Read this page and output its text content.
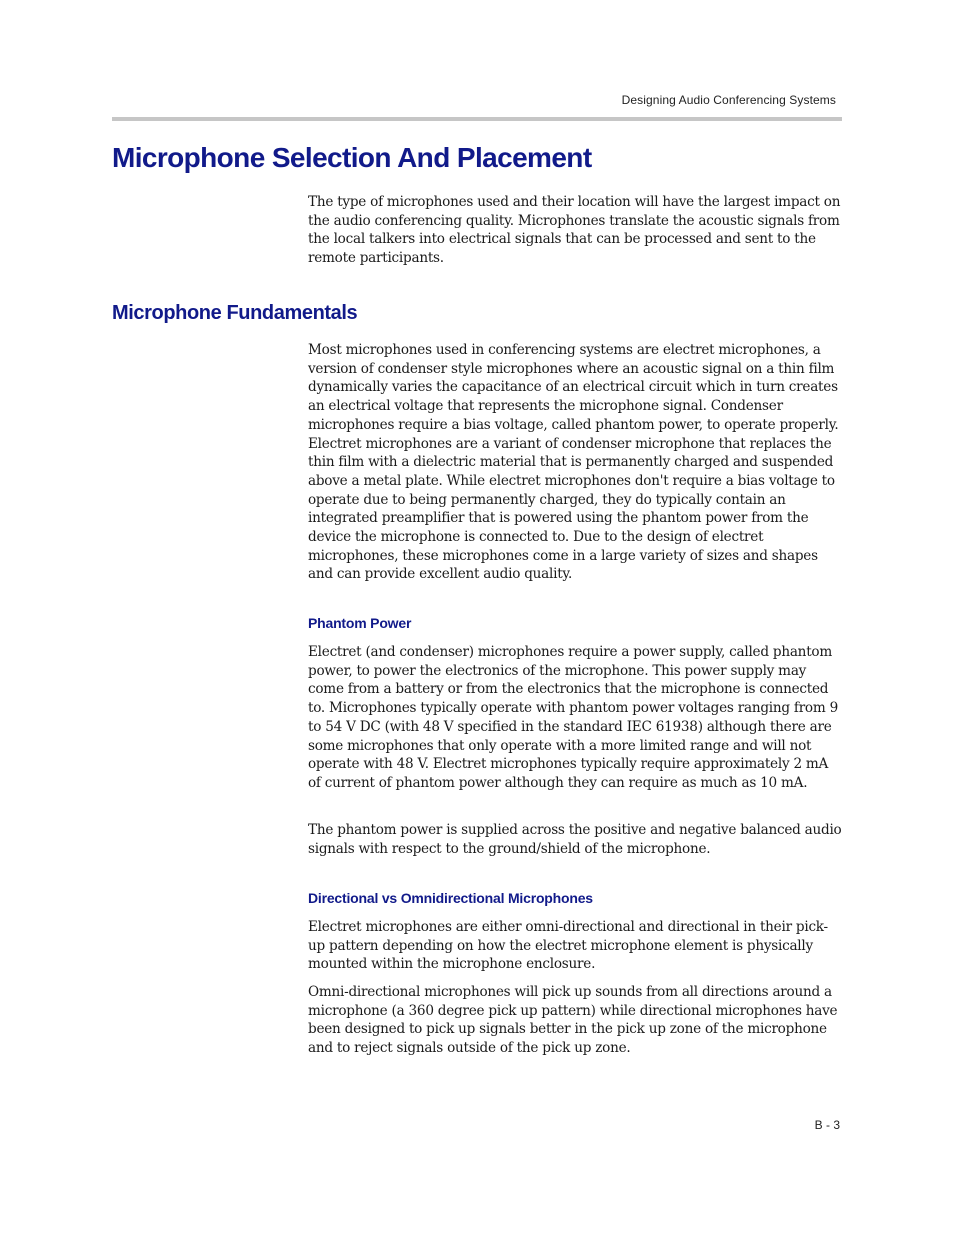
Designing Audio Conferencing Systems
Microphone Selection And Placement

The type of microphones used and their location will have the largest impact on the audio conferencing quality. Microphones translate the acoustic signals from the local talkers into electrical signals that can be processed and sent to the remote participants.

Microphone Fundamentals

Most microphones used in conferencing systems are electret microphones, a version of condenser style microphones where an acoustic signal on a thin film dynamically varies the capacitance of an electrical circuit which in turn creates an electrical voltage that represents the microphone signal. Condenser microphones require a bias voltage, called phantom power, to operate properly. Electret microphones are a variant of condenser microphone that replaces the thin film with a dielectric material that is permanently charged and suspended above a metal plate. While electret microphones don't require a bias voltage to operate due to being permanently charged, they do typically contain an integrated preamplifier that is powered using the phantom power from the device the microphone is connected to. Due to the design of electret microphones, these microphones come in a large variety of sizes and shapes and can provide excellent audio quality.

Phantom Power

Electret (and condenser) microphones require a power supply, called phantom power, to power the electronics of the microphone. This power supply may come from a battery or from the electronics that the microphone is connected to. Microphones typically operate with phantom power voltages ranging from 9 to 54 V DC (with 48 V specified in the standard IEC 61938) although there are some microphones that only operate with a more limited range and will not operate with 48 V. Electret microphones typically require approximately 2 mA of current of phantom power although they can require as much as 10 mA.

The phantom power is supplied across the positive and negative balanced audio signals with respect to the ground/shield of the microphone.

Directional vs Omnidirectional Microphones

Electret microphones are either omni-directional and directional in their pick-up pattern depending on how the electret microphone element is physically mounted within the microphone enclosure.

Omni-directional microphones will pick up sounds from all directions around a microphone (a 360 degree pick up pattern) while directional microphones have been designed to pick up signals better in the pick up zone of the microphone and to reject signals outside of the pick up zone.

B - 3
